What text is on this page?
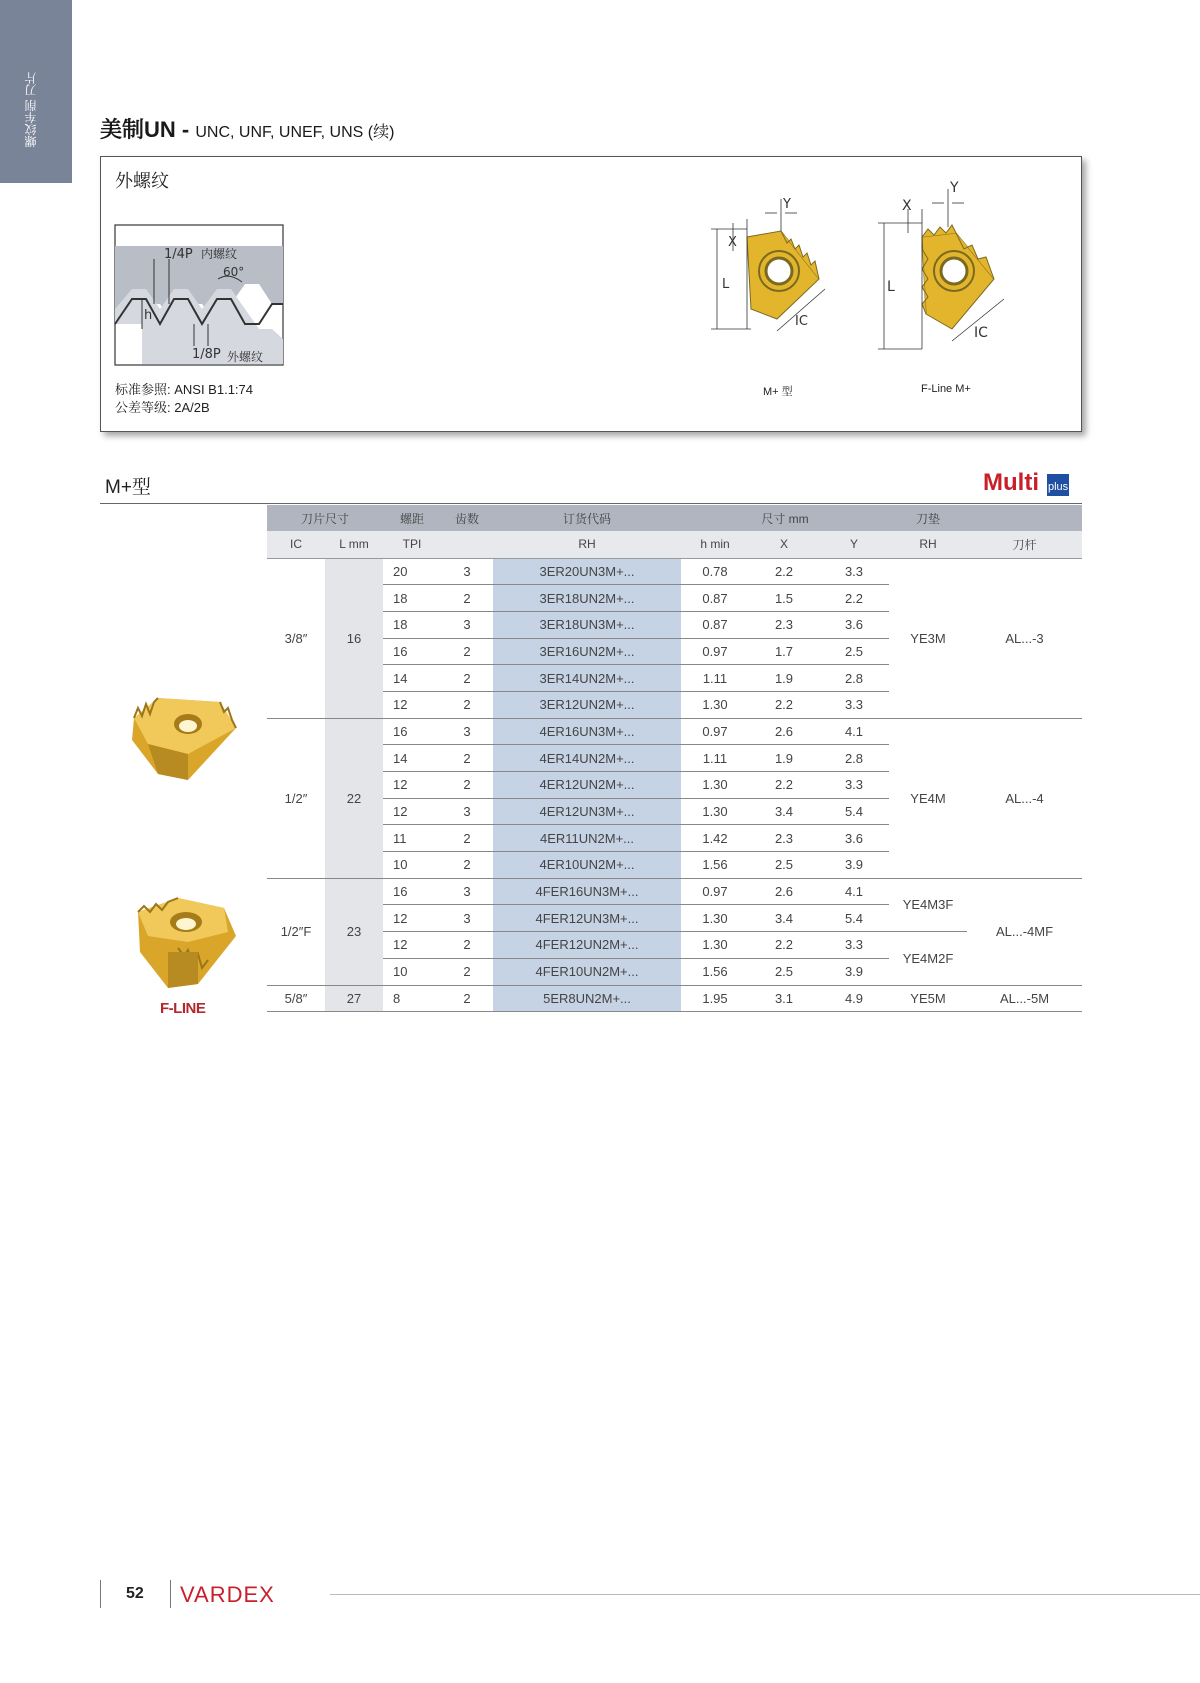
螺纹车削 刀片	美制UN - UNC, UNF, UNEF, UNS (续)
外螺纹
1/4P 内螺纹
60°
h
1/8P 外螺纹
标准参照: ANSI B1.1:74
公差等级: 2A/2B
Y
X
L
IC
M+ 型
Y
X
L
IC
F-Line M+
M+型	Multi plus
F-LINE
刀片尺寸		螺距	齿数	订货代码	尺寸 mm			刀垫	
IC	L mm	TPI		RH	h min	X	Y	RH	刀杆
3/8″	16	20	3	3ER20UN3M+...	0.78	2.2	3.3	YE3M	AL...-3
		18	2	3ER18UN2M+...	0.87	1.5	2.2		
		18	3	3ER18UN3M+...	0.87	2.3	3.6		
		16	2	3ER16UN2M+...	0.97	1.7	2.5		
		14	2	3ER14UN2M+...	1.11	1.9	2.8		
		12	2	3ER12UN2M+...	1.30	2.2	3.3		
1/2″	22	16	3	4ER16UN3M+...	0.97	2.6	4.1	YE4M	AL...-4
		14	2	4ER14UN2M+...	1.11	1.9	2.8		
		12	2	4ER12UN2M+...	1.30	2.2	3.3		
		12	3	4ER12UN3M+...	1.30	3.4	5.4		
		11	2	4ER11UN2M+...	1.42	2.3	3.6		
		10	2	4ER10UN2M+...	1.56	2.5	3.9		
1/2″F	23	16	3	4FER16UN3M+...	0.97	2.6	4.1	YE4M3F	AL...-4MF
		12	3	4FER12UN3M+...	1.30	3.4	5.4		
		12	2	4FER12UN2M+...	1.30	2.2	3.3	YE4M2F	
		10	2	4FER10UN2M+...	1.56	2.5	3.9		
5/8″	27	8	2	5ER8UN2M+...	1.95	3.1	4.9	YE5M	AL...-5M
52 VARDEX
